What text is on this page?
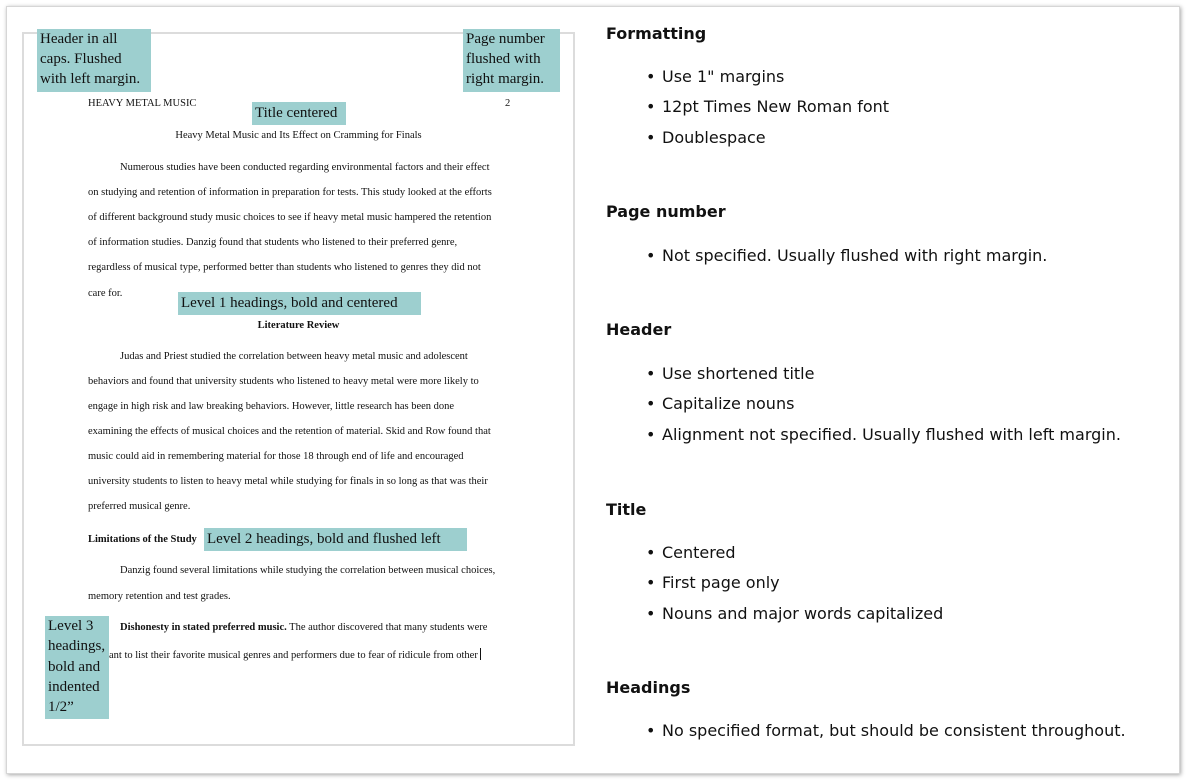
HEAVY METAL MUSIC	2
Heavy Metal Music and Its Effect on Cramming for Finals
Numerous studies have been conducted regarding environmental factors and their effect
on studying and retention of information in preparation for tests. This study looked at the efforts
of different background study music choices to see if heavy metal music hampered the retention
of information studies. Danzig found that students who listened to their preferred genre,
regardless of musical type, performed better than students who listened to genres they did not
care for.
Literature Review
Judas and Priest studied the correlation between heavy metal music and adolescent
behaviors and found that university students who listened to heavy metal were more likely to
engage in high risk and law breaking behaviors. However, little research has been done
examining the effects of musical choices and the retention of material. Skid and Row found that
music could aid in remembering material for those 18 through end of life and encouraged
university students to listen to heavy metal while studying for finals in so long as that was their
preferred musical genre.
Limitations of the Study
Danzig found several limitations while studying the correlation between musical choices,
memory retention and test grades.
Dishonesty in stated preferred music. The author discovered that many students were
ant to list their favorite musical genres and performers due to fear of ridicule from other
Header in all caps. Flushed with left margin.
Page number flushed with right margin.
Title centered
Level 1 headings, bold and centered
Level 2 headings, bold and flushed left
Level 3 headings, bold and indented 1/2”
Formatting
• Use 1" margins
• 12pt Times New Roman font
• Doublespace
Page number
• Not specified. Usually flushed with right margin.
Header
• Use shortened title
• Capitalize nouns
• Alignment not specified. Usually flushed with left margin.
Title
• Centered
• First page only
• Nouns and major words capitalized
Headings
• No specified format, but should be consistent throughout.
